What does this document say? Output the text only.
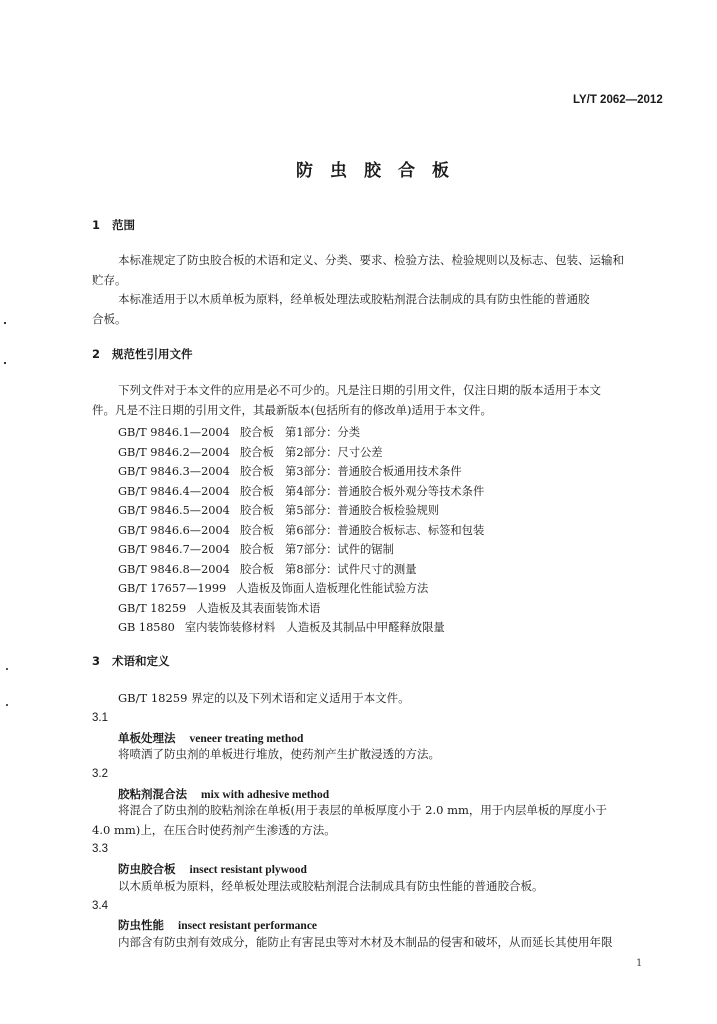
LY/T 2062—2012
防虫胶合板
1 范围
本标准规定了防虫胶合板的术语和定义、分类、要求、检验方法、检验规则以及标志、包装、运输和
贮存。
本标准适用于以木质单板为原料，经单板处理法或胶粘剂混合法制成的具有防虫性能的普通胶
合板。
2 规范性引用文件
下列文件对于本文件的应用是必不可少的。凡是注日期的引用文件，仅注日期的版本适用于本文
件。凡是不注日期的引用文件，其最新版本(包括所有的修改单)适用于本文件。
GB/T 9846.1—2004 胶合板　第1部分：分类
GB/T 9846.2—2004 胶合板　第2部分：尺寸公差
GB/T 9846.3—2004 胶合板　第3部分：普通胶合板通用技术条件
GB/T 9846.4—2004 胶合板　第4部分：普通胶合板外观分等技术条件
GB/T 9846.5—2004 胶合板　第5部分：普通胶合板检验规则
GB/T 9846.6—2004 胶合板　第6部分：普通胶合板标志、标签和包装
GB/T 9846.7—2004 胶合板　第7部分：试件的锯制
GB/T 9846.8—2004 胶合板　第8部分：试件尺寸的测量
GB/T 17657—1999 人造板及饰面人造板理化性能试验方法
GB/T 18259 人造板及其表面装饰术语
GB 18580 室内装饰装修材料　人造板及其制品中甲醛释放限量
3 术语和定义
GB/T 18259 界定的以及下列术语和定义适用于本文件。
3.1
单板处理法 veneer treating method
将喷洒了防虫剂的单板进行堆放，使药剂产生扩散浸透的方法。
3.2
胶粘剂混合法 mix with adhesive method
将混合了防虫剂的胶粘剂涂在单板(用于表层的单板厚度小于 2.0 mm，用于内层单板的厚度小于
4.0 mm)上，在压合时使药剂产生渗透的方法。
3.3
防虫胶合板 insect resistant plywood
以木质单板为原料，经单板处理法或胶粘剂混合法制成具有防虫性能的普通胶合板。
3.4
防虫性能 insect resistant performance
内部含有防虫剂有效成分，能防止有害昆虫等对木材及木制品的侵害和破坏，从而延长其使用年限
1
